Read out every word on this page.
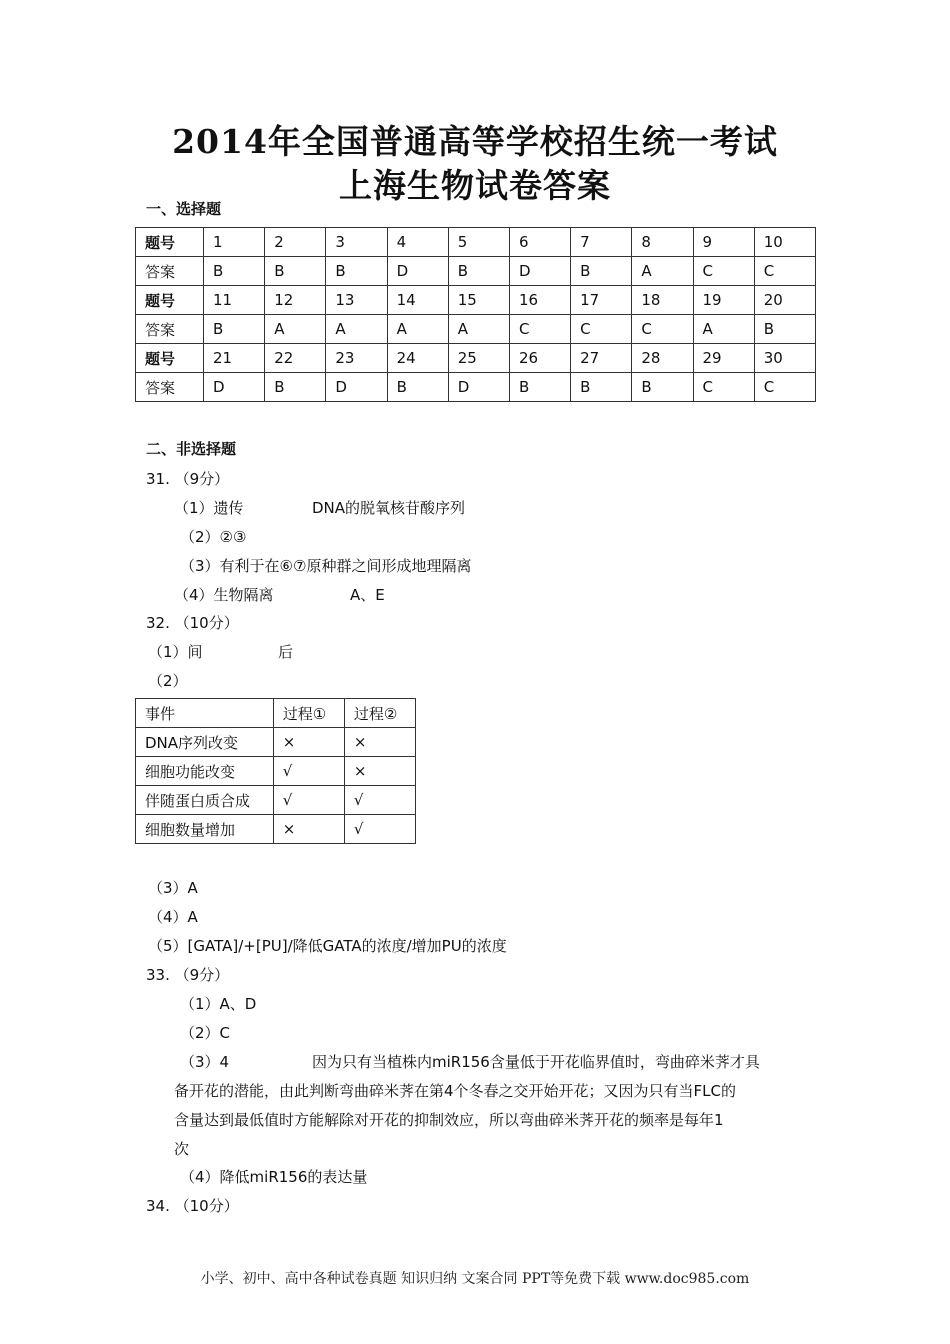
2014年全国普通高等学校招生统一考试
上海生物试卷答案
一、选择题
题号	1	2	3	4	5	6	7	8	9	10
答案	B	B	B	D	B	D	B	A	C	C
题号	11	12	13	14	15	16	17	18	19	20
答案	B	A	A	A	A	C	C	C	A	B
题号	21	22	23	24	25	26	27	28	29	30
答案	D	B	D	B	D	B	B	B	C	C
二、非选择题
31. （9分）
（1）遗传	DNA的脱氧核苷酸序列
（2）②③
（3）有利于在⑥⑦原种群之间形成地理隔离
（4）生物隔离	A、E
32. （10分）
（1）间	后
（2）
事件	过程①	过程②
DNA序列改变	×	×
细胞功能改变	√	×
伴随蛋白质合成	√	√
细胞数量增加	×	√
（3）A
（4）A
（5）[GATA]/+[PU]/降低GATA的浓度/增加PU的浓度
33. （9分）
（1）A、D
（2）C
（3）4	因为只有当植株内miR156含量低于开花临界值时，弯曲碎米荠才具
备开花的潜能，由此判断弯曲碎米荠在第4个冬春之交开始开花；又因为只有当FLC的
含量达到最低值时方能解除对开花的抑制效应，所以弯曲碎米荠开花的频率是每年1
次
（4）降低miR156的表达量
34. （10分）
小学、初中、高中各种试卷真题 知识归纳 文案合同 PPT等免费下载 www.doc985.com
